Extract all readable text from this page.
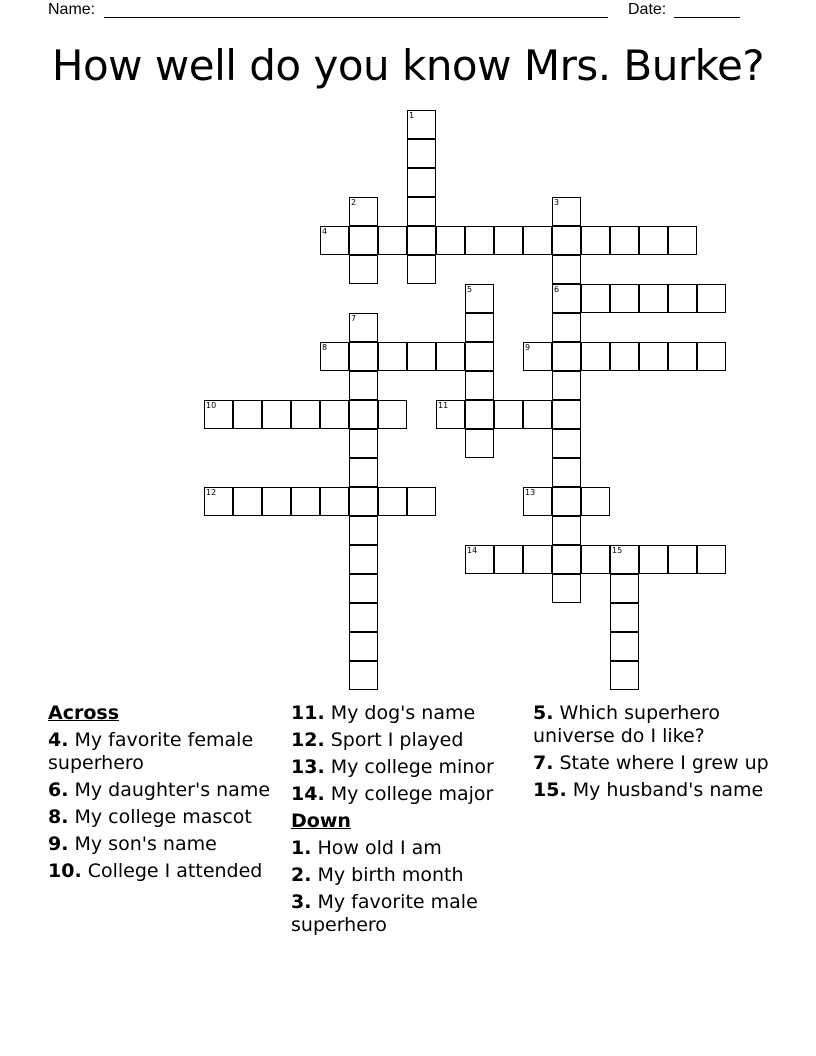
Name:	Date:
How well do you know Mrs. Burke?
1
2	3
6
4
5
7
8	9
10	11
12	13
14	15
Across
4. My favorite female superhero
6. My daughter's name
8. My college mascot
9. My son's name
10. College I attended
11. My dog's name
12. Sport I played
13. My college minor
14. My college major
Down
1. How old I am
2. My birth month
3. My favorite male superhero
5. Which superhero universe do I like?
7. State where I grew up
15. My husband's name
